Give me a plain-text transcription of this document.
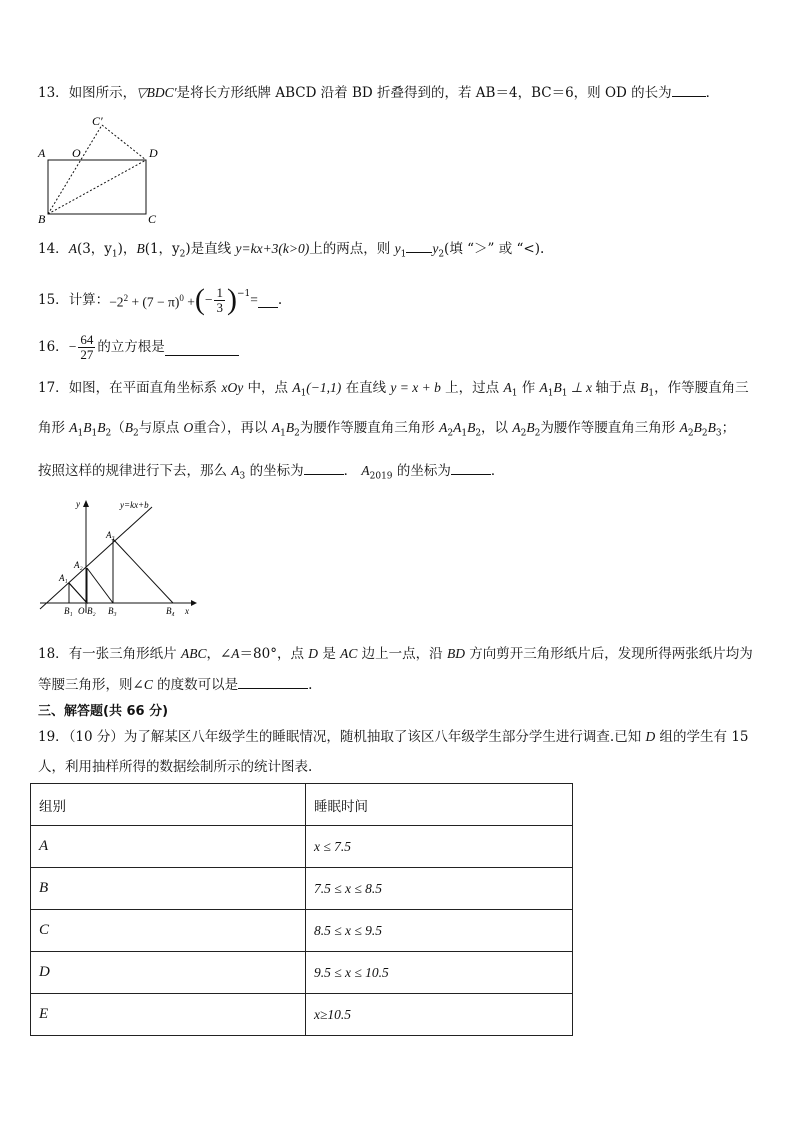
13．如图所示，▽BDC′是将长方形纸牌 ABCD 沿着 BD 折叠得到的，若 AB＝4，BC＝6，则 OD 的长为	．
C′
A O	D
B	C
14．A(3，$y_1$)，B(1，$y_2$)是直线 y=kx+3(k>0)上的两点，则 $y_1$ $y_2$(填 “＞” 或 “<).
15． 计算： $-2^2 + (7 - \pi)^0$ + ( − $\frac{1}{3} )^{-1}$ = .
16． − $\frac{64}{27}$ 的立方根是
17．如图，在平面直角坐标系 xOy 中，点 $A_1(-1,1)$ 在直线 y = x + b 上，过点 $A_1$ 作 $A_1B_1$ ⊥ x 轴于点 $B_1$，作等腰直角三
角形 $A_1B_1B_2(B_2$与原点 O重合），再以 $A_1B_2$为腰作等腰直角三角形 $A_2A_1B_2$，以 $A_2B_2$为腰作等腰直角三角形 $A_2B_2B_3$；
按照这样的规律进行下去，那么 $A_3$ 的坐标为	． $A_{2019}$ 的坐标为	．
y
x
y=kx+b
A₁
A₂
A₃
B₁ O B₂ B₃	B₄
18．有一张三角形纸片 ABC，∠A＝80°，点 D 是 AC 边上一点，沿 BD 方向剪开三角形纸片后，发现所得两张纸片均为
等腰三角形，则∠C 的度数可以是	.
三、解答题(共 66 分)
19．（10 分）为了解某区八年级学生的睡眠情况，随机抽取了该区八年级学生部分学生进行调查.已知 D 组的学生有 15
人，利用抽样所得的数据绘制所示的统计图表.
组别	睡眠时间
A	x ≤ 7.5
B	7.5 ≤ x ≤ 8.5
C	8.5 ≤ x ≤ 9.5
D	9.5 ≤ x ≤ 10.5
E	x≥10.5
